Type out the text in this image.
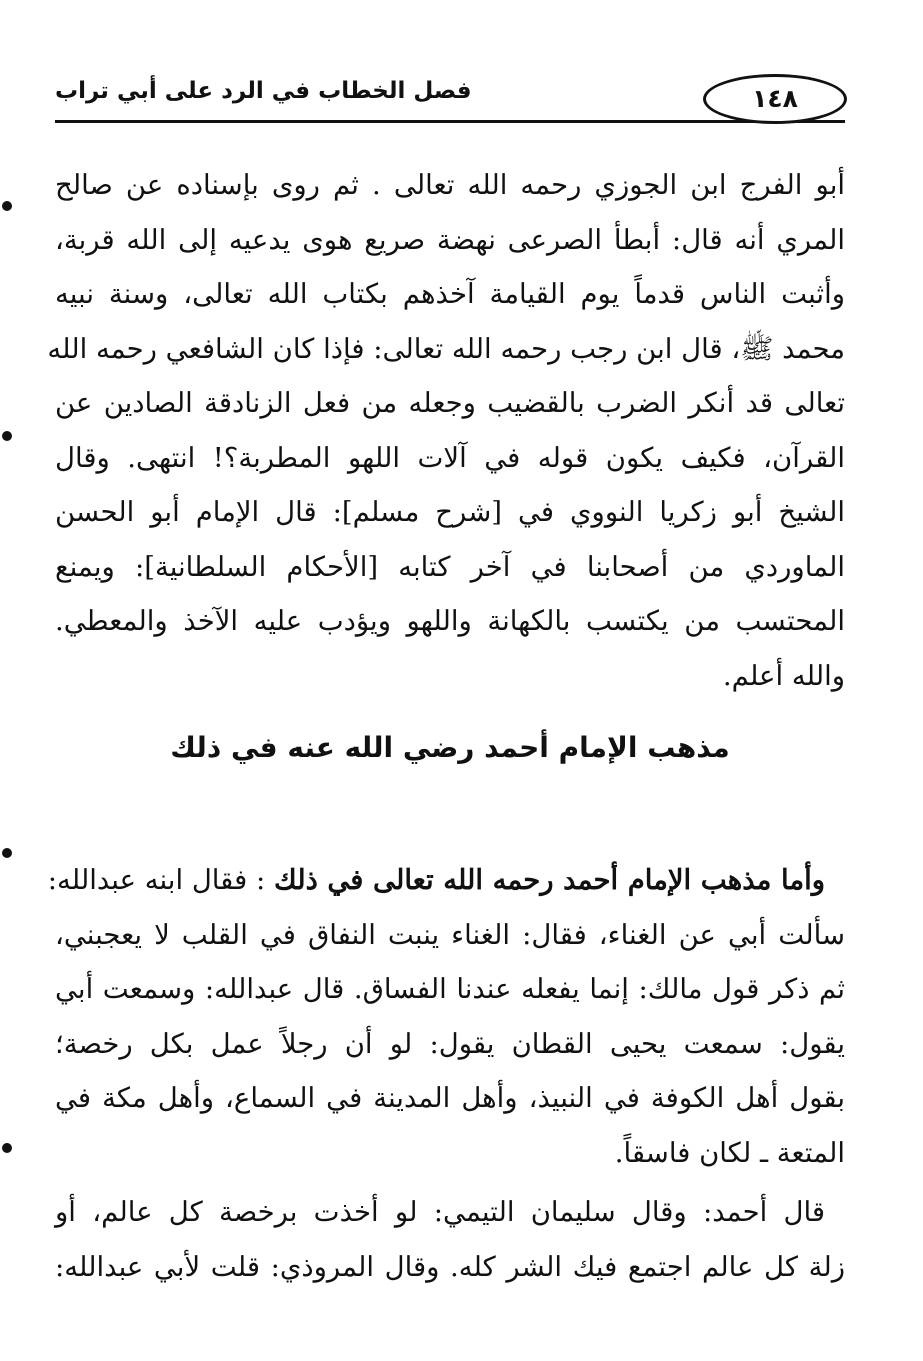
فصل الخطاب في الرد على أبي تراب	١٤٨
أبو الفرج ابن الجوزي رحمه الله تعالى . ثم روى بإسناده عن صالح
المري أنه قال: أبطأ الصرعى نهضة صريع هوى يدعيه إلى الله قربة،
وأثبت الناس قدماً يوم القيامة آخذهم بكتاب الله تعالى، وسنة نبيه
محمد ﷺ، قال ابن رجب رحمه الله تعالى: فإذا كان الشافعي رحمه الله
تعالى قد أنكر الضرب بالقضيب وجعله من فعل الزنادقة الصادين عن
القرآن، فكيف يكون قوله في آلات اللهو المطربة؟! انتهى. وقال
الشيخ أبو زكريا النووي في [شرح مسلم]: قال الإمام أبو الحسن
الماوردي من أصحابنا في آخر كتابه [الأحكام السلطانية]: ويمنع
المحتسب من يكتسب بالكهانة واللهو ويؤدب عليه الآخذ والمعطي.
والله أعلم.
مذهب الإمام أحمد رضي الله عنه في ذلك
وأما مذهب الإمام أحمد رحمه الله تعالى في ذلك : فقال ابنه عبدالله:
سألت أبي عن الغناء، فقال: الغناء ينبت النفاق في القلب لا يعجبني،
ثم ذكر قول مالك: إنما يفعله عندنا الفساق. قال عبدالله: وسمعت أبي
يقول: سمعت يحيى القطان يقول: لو أن رجلاً عمل بكل رخصة؛
بقول أهل الكوفة في النبيذ، وأهل المدينة في السماع، وأهل مكة في
المتعة ـ لكان فاسقاً.
قال أحمد: وقال سليمان التيمي: لو أخذت برخصة كل عالم، أو
زلة كل عالم اجتمع فيك الشر كله. وقال المروذي: قلت لأبي عبدالله:
